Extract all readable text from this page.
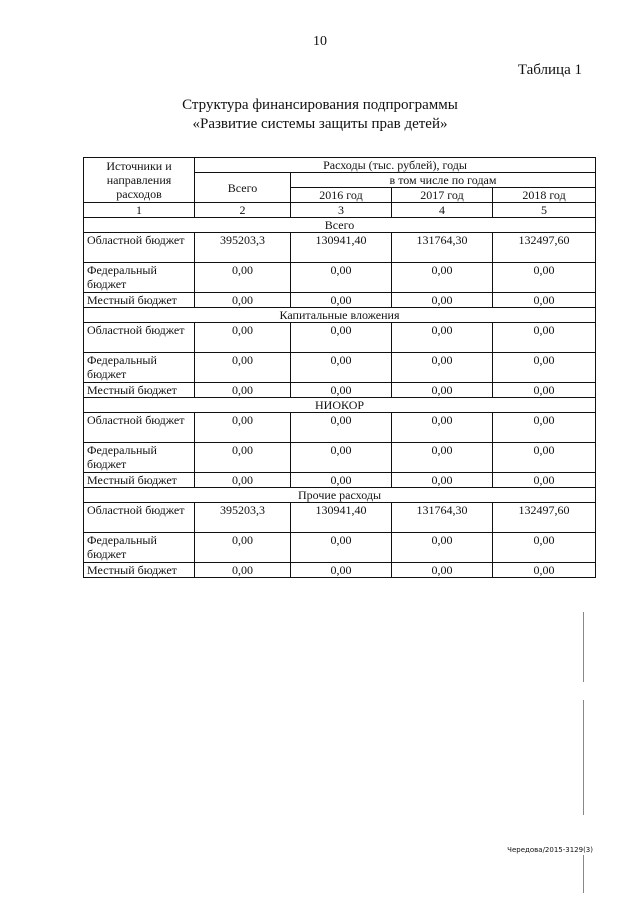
10
Таблица 1
Структура финансирования подпрограммы
«Развитие системы защиты прав детей»
Источники и направления расходов	Расходы (тыс. рублей), годы			
	Всего	в том числе по годам		
		2016 год	2017 год	2018 год
1	2	3	4	5
Всего				
Областной бюджет	395203,3	130941,40	131764,30	132497,60
Федеральный бюджет	0,00	0,00	0,00	0,00
Местный бюджет	0,00	0,00	0,00	0,00
Капитальные вложения				
Областной бюджет	0,00	0,00	0,00	0,00
Федеральный бюджет	0,00	0,00	0,00	0,00
Местный бюджет	0,00	0,00	0,00	0,00
НИОКОР				
Областной бюджет	0,00	0,00	0,00	0,00
Федеральный бюджет	0,00	0,00	0,00	0,00
Местный бюджет	0,00	0,00	0,00	0,00
Прочие расходы				
Областной бюджет	395203,3	130941,40	131764,30	132497,60
Федеральный бюджет	0,00	0,00	0,00	0,00
Местный бюджет	0,00	0,00	0,00	0,00
Чередова/2015-3129(3)
